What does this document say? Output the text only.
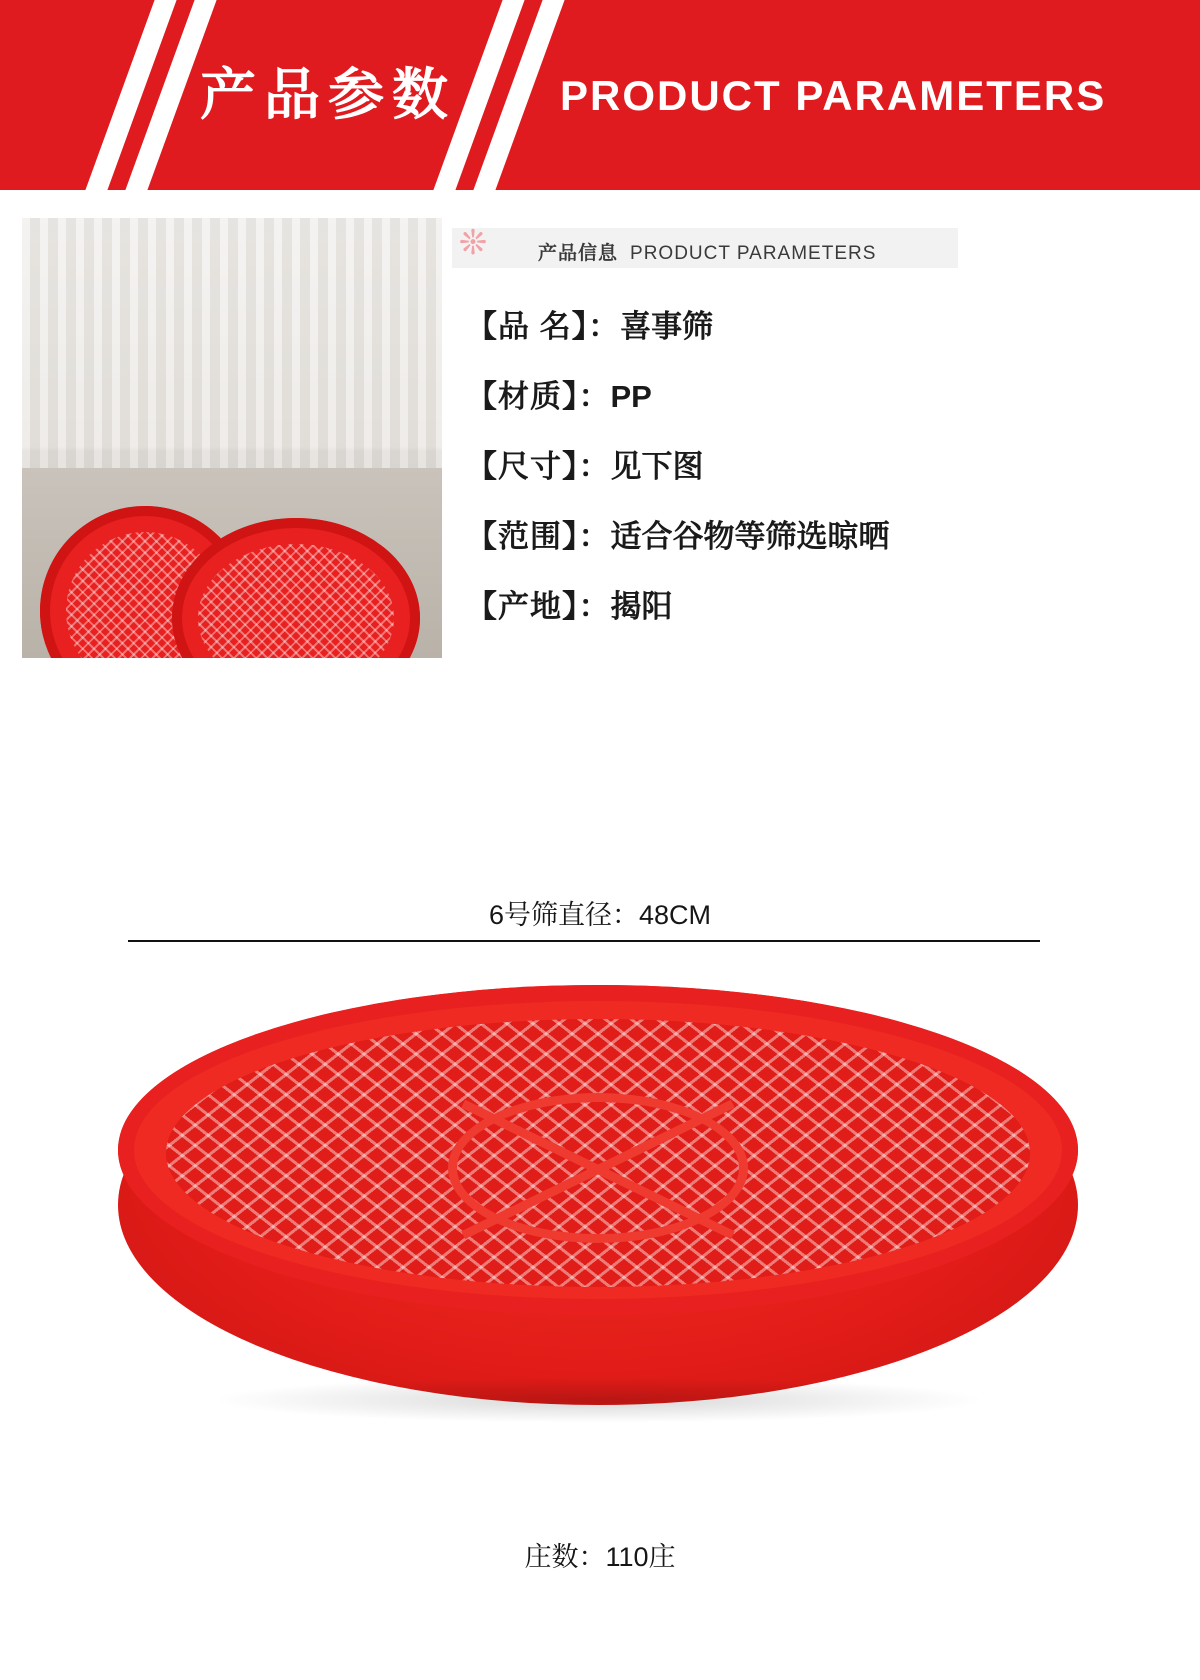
产品参数 PRODUCT PARAMETERS
❊	产品信息 PRODUCT PARAMETERS
【品 名】：喜事筛
【材质】：PP
【尺寸】：见下图
【范围】：适合谷物等筛选晾晒
【产地】：揭阳
6号筛直径：48CM
庄数：110庄
